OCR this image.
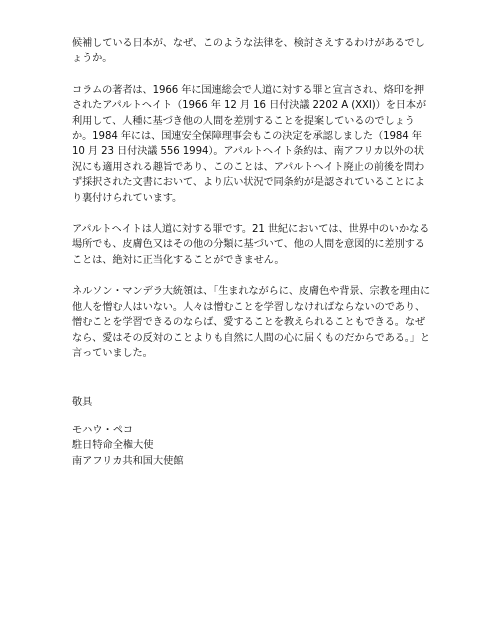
候補している日本が、なぜ、このような法律を、検討さえするわけがあるでしょうか。

コラムの著者は、1966 年に国連総会で人道に対する罪と宣言され、烙印を押されたアパルトヘイト（1966 年 12 月 16 日付決議 2202 A (XXI)）を日本が利用して、人種に基づき他の人間を差別することを提案しているのでしょうか。1984 年には、国連安全保障理事会もこの決定を承認しました（1984 年 10 月 23 日付決議 556 1994）。アパルトヘイト条約は、南アフリカ以外の状況にも適用される趣旨であり、このことは、アパルトヘイト廃止の前後を問わず採択された文書において、より広い状況で同条約が是認されていることにより裏付けられています。

アパルトヘイトは人道に対する罪です。21 世紀においては、世界中のいかなる場所でも、皮膚色又はその他の分類に基づいて、他の人間を意図的に差別することは、絶対に正当化することができません。

ネルソン・マンデラ大統領は、「生まれながらに、皮膚色や背景、宗教を理由に他人を憎む人はいない。人々は憎むことを学習しなければならないのであり、憎むことを学習できるのならば、愛することを教えられることもできる。なぜなら、愛はその反対のことよりも自然に人間の心に届くものだからである。」と言っていました。

敬具

モハウ・ペコ
駐日特命全権大使
南アフリカ共和国大使館
